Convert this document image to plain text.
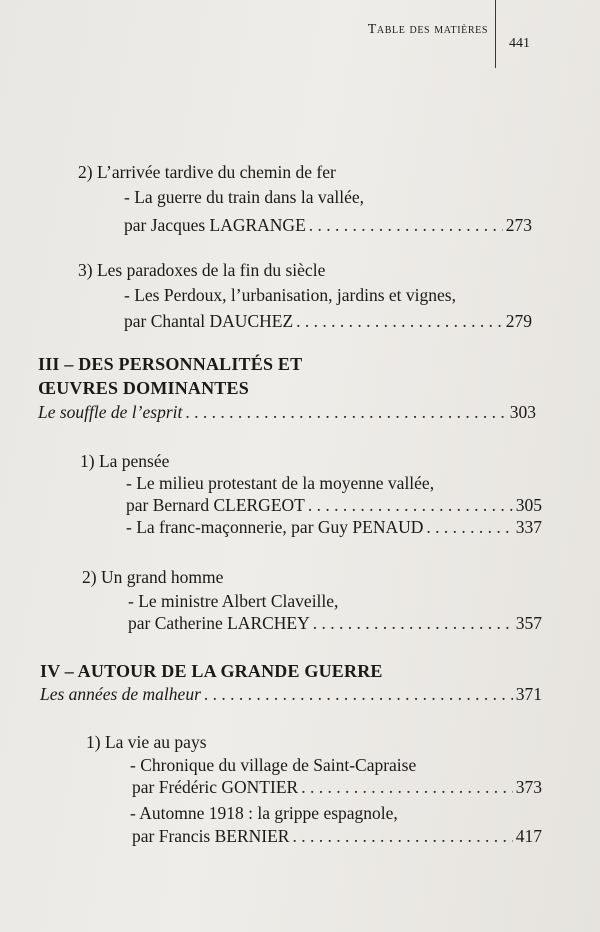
Table des matières
441
2) L’arrivée tardive du chemin de fer
- La guerre du train dans la vallée,
par Jacques LAGRANGE . . .	273
3) Les paradoxes de la fin du siècle
- Les Perdoux, l’urbanisation, jardins et vignes,
par Chantal DAUCHEZ . . .	279
III – DES PERSONNALITÉS ET
ŒUVRES DOMINANTES
Le souffle de l’esprit . . .	303
1) La pensée
- Le milieu protestant de la moyenne vallée,
par Bernard CLERGEOT . . .	305
- La franc-maçonnerie, par Guy PENAUD . . .	337
2) Un grand homme
- Le ministre Albert Claveille,
par Catherine LARCHEY . . .	357
IV – AUTOUR DE LA GRANDE GUERRE
Les années de malheur . . .	371
1) La vie au pays
- Chronique du village de Saint-Capraise
par Frédéric GONTIER . . .	373
- Automne 1918 : la grippe espagnole,
par Francis BERNIER . . .	417
